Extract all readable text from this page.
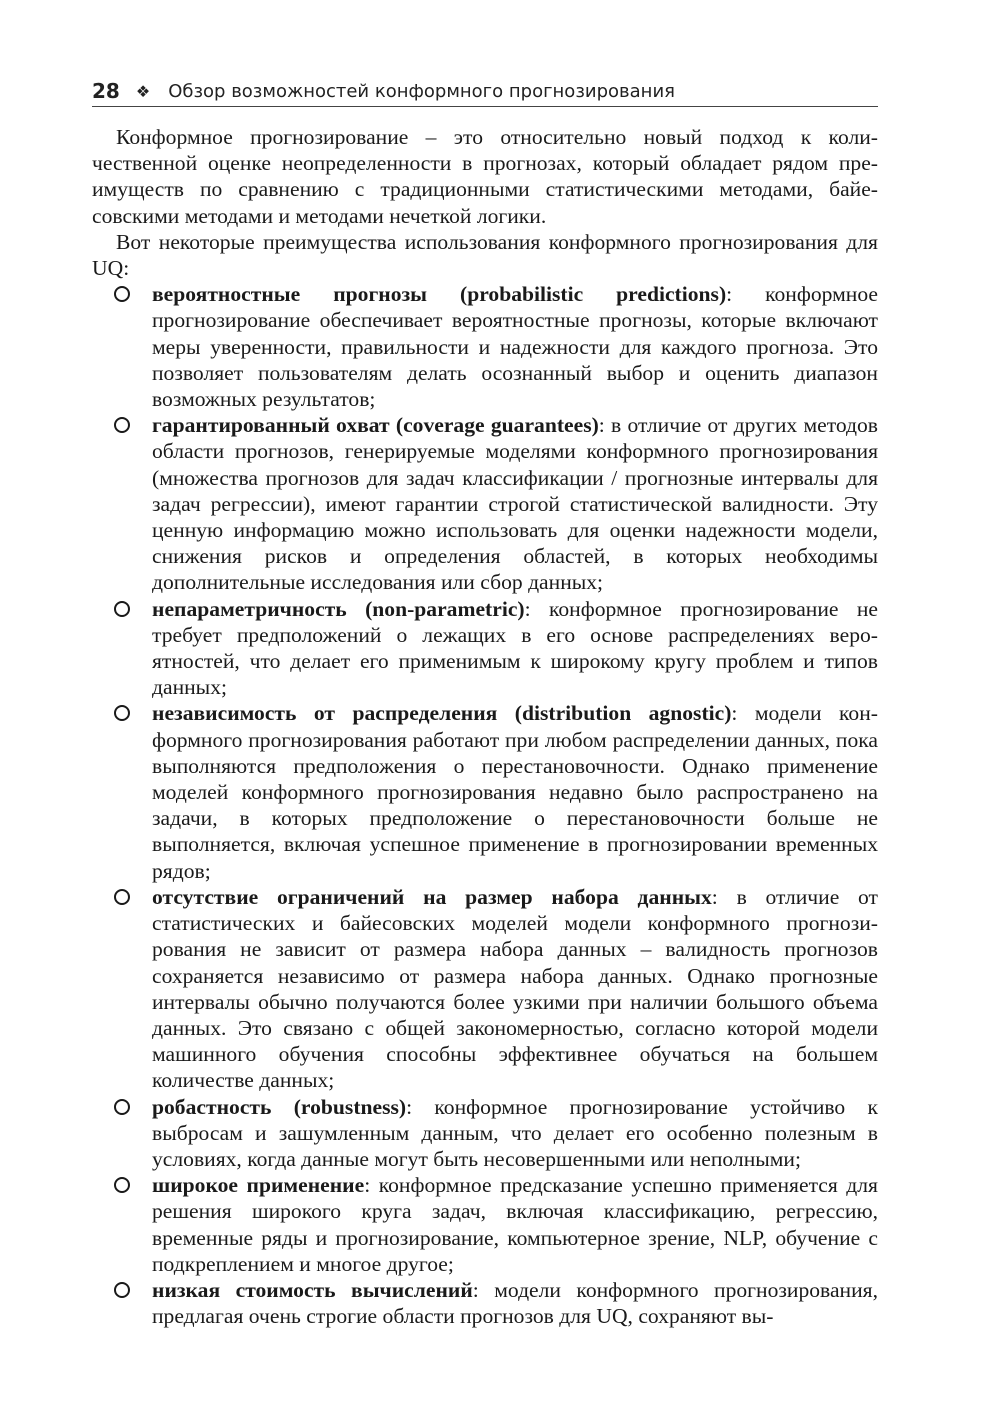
28 ❖ Обзор возможностей конформного прогнозирования

Конформное прогнозирование – это относительно новый подход к количественной оценке неопределенности в прогнозах, который обладает рядом преимуществ по сравнению с традиционными статистическими методами, байесовскими методами и методами нечеткой логики.

Вот некоторые преимущества использования конформного прогнозирования для UQ:

вероятностные прогнозы (probabilistic predictions): конформное прогнозирование обеспечивает вероятностные прогнозы, которые включают меры уверенности, правильности и надежности для каждого прогноза. Это позволяет пользователям делать осознанный выбор и оценить диапазон возможных результатов;
гарантированный охват (coverage guarantees): в отличие от других методов области прогнозов, генерируемые моделями конформного прогнозирования (множества прогнозов для задач классификации / прогнозные интервалы для задач регрессии), имеют гарантии строгой статистической валидности. Эту ценную информацию можно использовать для оценки надежности модели, снижения рисков и определения областей, в которых необходимы дополнительные исследования или сбор данных;
непараметричность (non-parametric): конформное прогнозирование не требует предположений о лежащих в его основе распределениях вероятностей, что делает его применимым к широкому кругу проблем и типов данных;
независимость от распределения (distribution agnostic): модели конформного прогнозирования работают при любом распределении данных, пока выполняются предположения о перестановочности. Однако применение моделей конформного прогнозирования недавно было распространено на задачи, в которых предположение о перестановочности больше не выполняется, включая успешное применение в прогнозировании временных рядов;
отсутствие ограничений на размер набора данных: в отличие от статистических и байесовских моделей модели конформного прогнозирования не зависит от размера набора данных – валидность прогнозов сохраняется независимо от размера набора данных. Однако прогнозные интервалы обычно получаются более узкими при наличии большого объема данных. Это связано с общей закономерностью, согласно которой модели машинного обучения способны эффективнее обучаться на большем количестве данных;
робастность (robustness): конформное прогнозирование устойчиво к выбросам и зашумленным данным, что делает его особенно полезным в условиях, когда данные могут быть несовершенными или неполными;
широкое применение: конформное предсказание успешно применяется для решения широкого круга задач, включая классификацию, регрессию, временные ряды и прогнозирование, компьютерное зрение, NLP, обучение с подкреплением и многое другое;
низкая стоимость вычислений: модели конформного прогнозирования, предлагая очень строгие области прогнозов для UQ, сохраняют вы-
